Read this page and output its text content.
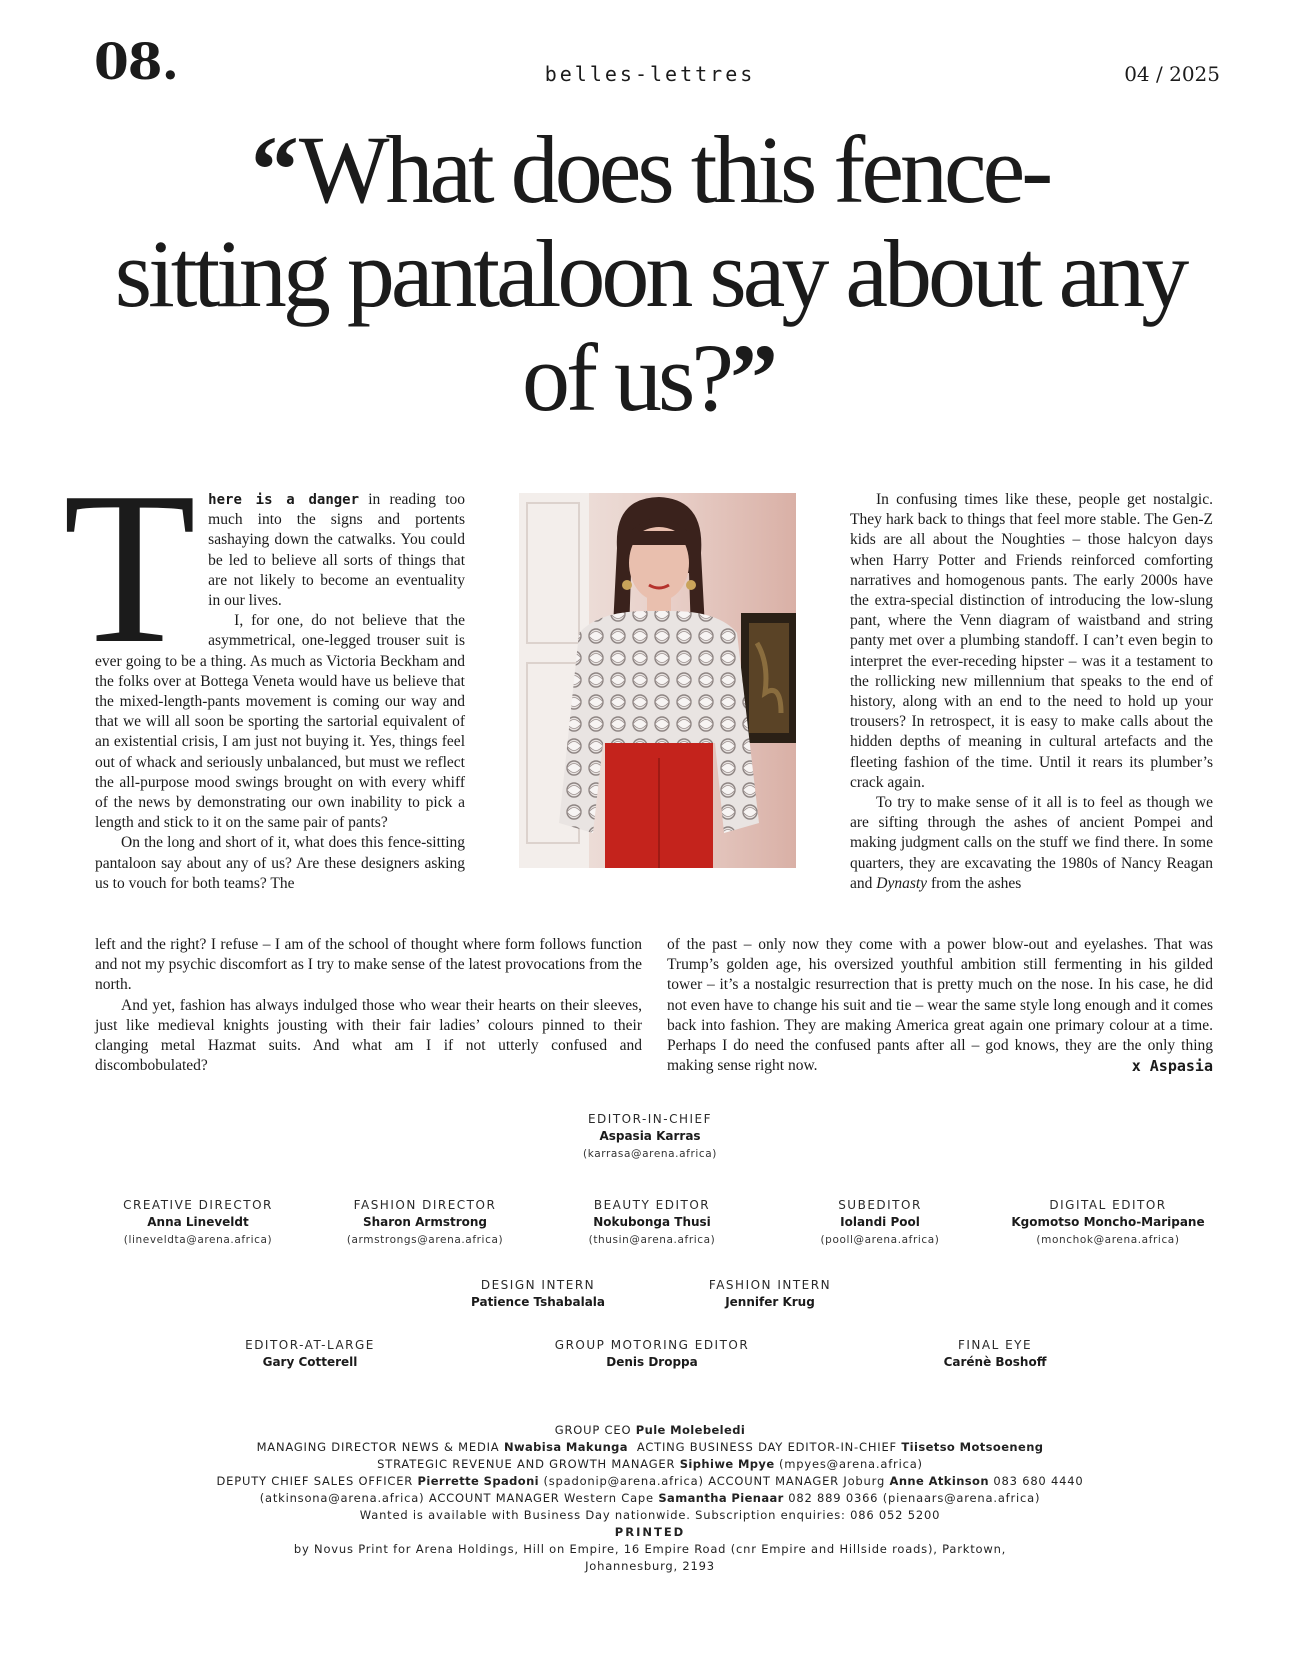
08.	belles-lettres	04 / 2025
“What does this fence-
sitting pantaloon say about any
of us?”
T here is a danger in reading too much into the signs and portents sashaying down the catwalks. You could be led to believe all sorts of things that are not likely to become an eventuality in our lives.

I, for one, do not believe that the asymmetrical, one-legged trouser suit is ever going to be a thing. As much as Victoria Beckham and the folks over at Bottega Veneta would have us believe that the mixed-length-pants movement is coming our way and that we will all soon be sporting the sartorial equivalent of an existential crisis, I am just not buying it. Yes, things feel out of whack and seriously unbalanced, but must we reflect the all-purpose mood swings brought on with every whiff of the news by demonstrating our own inability to pick a length and stick to it on the same pair of pants?

On the long and short of it, what does this fence-sitting pantaloon say about any of us? Are these designers asking us to vouch for both teams? The

In confusing times like these, people get nostalgic. They hark back to things that feel more stable. The Gen-Z kids are all about the Noughties – those halcyon days when Harry Potter and Friends reinforced comforting narratives and homogenous pants. The early 2000s have the extra-special distinction of introducing the low-slung pant, where the Venn diagram of waistband and string panty met over a plumbing standoff. I can’t even begin to interpret the ever-receding hipster – was it a testament to the rollicking new millennium that speaks to the end of history, along with an end to the need to hold up your trousers? In retrospect, it is easy to make calls about the hidden depths of meaning in cultural artefacts and the fleeting fashion of the time. Until it rears its plumber’s crack again.

To try to make sense of it all is to feel as though we are sifting through the ashes of ancient Pompei and making judgment calls on the stuff we find there. In some quarters, they are excavating the 1980s of Nancy Reagan and Dynasty from the ashes

left and the right? I refuse – I am of the school of thought where form follows function and not my psychic discomfort as I try to make sense of the latest provocations from the north.

And yet, fashion has always indulged those who wear their hearts on their sleeves, just like medieval knights jousting with their fair ladies’ colours pinned to their clanging metal Hazmat suits. And what am I if not utterly confused and discombobulated?

of the past – only now they come with a power blow-out and eyelashes. That was Trump’s golden age, his oversized youthful ambition still fermenting in his gilded tower – it’s a nostalgic resurrection that is pretty much on the nose. In his case, he did not even have to change his suit and tie – wear the same style long enough and it comes back into fashion. They are making America great again one primary colour at a time. Perhaps I do need the confused pants after all – god knows, they are the only thing making sense right now.	x Aspasia

EDITOR-IN-CHIEF
Aspasia Karras
(karrasa@arena.africa)
CREATIVE DIRECTOR
Anna Lineveldt
(lineveldta@arena.africa)
FASHION DIRECTOR
Sharon Armstrong
(armstrongs@arena.africa)
BEAUTY EDITOR
Nokubonga Thusi
(thusin@arena.africa)
SUBEDITOR
Iolandi Pool
(pooll@arena.africa)
DIGITAL EDITOR
Kgomotso Moncho-Maripane
(monchok@arena.africa)
DESIGN INTERN
Patience Tshabalala
FASHION INTERN
Jennifer Krug
EDITOR-AT-LARGE
Gary Cotterell
GROUP MOTORING EDITOR
Denis Droppa
FINAL EYE
Carénè Boshoff
GROUP CEO Pule Molebeledi
MANAGING DIRECTOR NEWS & MEDIA Nwabisa Makunga ACTING BUSINESS DAY EDITOR-IN-CHIEF Tiisetso Motsoeneng
STRATEGIC REVENUE AND GROWTH MANAGER Siphiwe Mpye (mpyes@arena.africa)
DEPUTY CHIEF SALES OFFICER Pierrette Spadoni (spadonip@arena.africa) ACCOUNT MANAGER Joburg Anne Atkinson 083 680 4440
(atkinsona@arena.africa) ACCOUNT MANAGER Western Cape Samantha Pienaar 082 889 0366 (pienaars@arena.africa)
Wanted is available with Business Day nationwide. Subscription enquiries: 086 052 5200
PRINTED
by Novus Print for Arena Holdings, Hill on Empire, 16 Empire Road (cnr Empire and Hillside roads), Parktown,
Johannesburg, 2193
